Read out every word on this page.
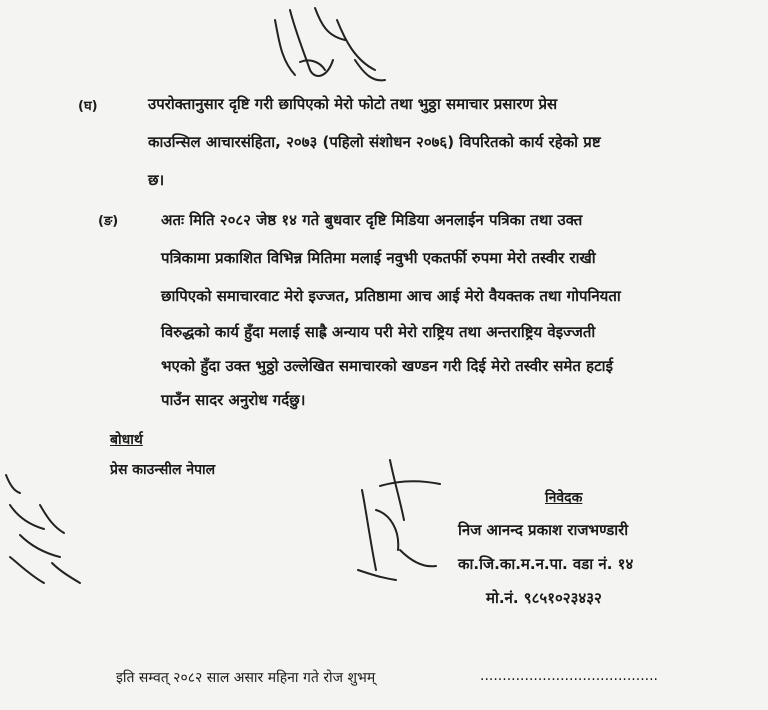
(घ)	उपरोक्तानुसार दृष्टि गरी छापिएको मेरो फोटो तथा भुठ्ठा समाचार प्रसारण प्रेस
काउन्सिल आचारसंहिता, २०७३ (पहिलो संशोधन २०७६) विपरितको कार्य रहेको प्रष्ट
छ।
(ङ)	अतः मिति २०८२ जेष्ठ १४ गते बुधवार दृष्टि मिडिया अनलाईन पत्रिका तथा उक्त
पत्रिकामा प्रकाशित विभिन्न मितिमा मलाई नवुभी एकतर्फी रुपमा मेरो तस्वीर राखी
छापिएको समाचारवाट मेरो इज्जत, प्रतिष्ठामा आच आई मेरो वैयक्तक तथा गोपनियता
विरुद्धको कार्य हुँदा मलाई साह्रै अन्याय परी मेरो राष्ट्रिय तथा अन्तराष्ट्रिय वेइज्जती
भएको हुँदा उक्त भुठ्ठो उल्लेखित समाचारको खण्डन गरी दिई मेरो तस्वीर समेत हटाई
पाउँन सादर अनुरोध गर्दछु।
बोधार्थ
प्रेस काउन्सील नेपाल
निवेदक
निज आनन्द प्रकाश राजभण्डारी
का.जि.का.म.न.पा. वडा नं. १४
मो.नं. ९८५१०२३४३२
इति सम्वत् २०८२ साल असार महिना गते रोज शुभम्	........................................
